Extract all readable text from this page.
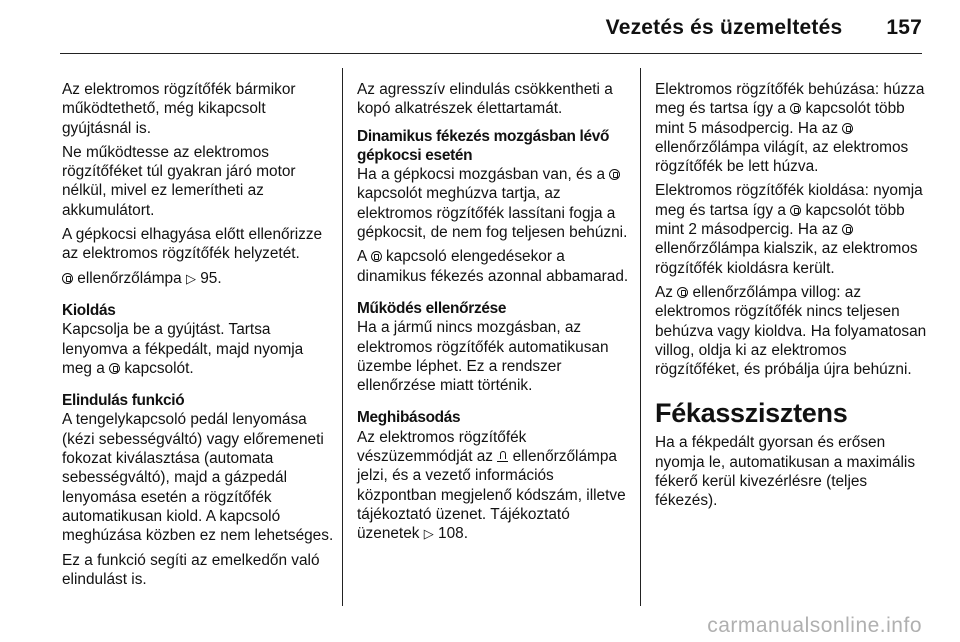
Vezetés és üzemeltetés 157

Az elektromos rögzítőfék bármikor működtethető, még kikapcsolt gyújtásnál is.

Ne működtesse az elektromos rögzítőféket túl gyakran járó motor nélkül, mivel ez lemerítheti az akkumulátort.

A gépkocsi elhagyása előtt ellenőrizze az elektromos rögzítőfék helyzetét.

ellenőrzőlámpa ▷ 95.

Kioldás

Kapcsolja be a gyújtást. Tartsa lenyomva a fékpedált, majd nyomja meg a kapcsolót.

Elindulás funkció

A tengelykapcsoló pedál lenyomása (kézi sebességváltó) vagy előremeneti fokozat kiválasztása (automata sebességváltó), majd a gázpedál lenyomása esetén a rögzítőfék automatikusan kiold. A kapcsoló meghúzása közben ez nem lehetséges.

Ez a funkció segíti az emelkedőn való elindulást is.

Az agresszív elindulás csökkentheti a kopó alkatrészek élettartamát.

Dinamikus fékezés mozgásban lévő gépkocsi esetén

Ha a gépkocsi mozgásban van, és a  kapcsolót meghúzva tartja, az elektromos rögzítőfék lassítani fogja a gépkocsit, de nem fog teljesen behúzni.

A kapcsoló elengedésekor a dinamikus fékezés azonnal abbamarad.

Működés ellenőrzése

Ha a jármű nincs mozgásban, az elektromos rögzítőfék automatikusan üzembe léphet. Ez a rendszer ellenőrzése miatt történik.

Meghibásodás

Az elektromos rögzítőfék vészüzemmódját az ellenőrzőlámpa jelzi, és a vezető információs központban megjelenő kódszám, illetve tájékoztató üzenet. Tájékoztató üzenetek ▷ 108.

Elektromos rögzítőfék behúzása: húzza meg és tartsa így a kapcsolót több mint 5 másodpercig. Ha az  ellenőrzőlámpa világít, az elektromos rögzítőfék be lett húzva.

Elektromos rögzítőfék kioldása: nyomja meg és tartsa így a kapcsolót több mint 2 másodpercig. Ha az  ellenőrzőlámpa kialszik, az elektromos rögzítőfék kioldásra került.

Az ellenőrzőlámpa villog: az elektromos rögzítőfék nincs teljesen behúzva vagy kioldva. Ha folyamatosan villog, oldja ki az elektromos rögzítőféket, és próbálja újra behúzni.

Fékasszisztens

Ha a fékpedált gyorsan és erősen nyomja le, automatikusan a maximális fékerő kerül kivezérlésre (teljes fékezés).

carmanualsonline.info
